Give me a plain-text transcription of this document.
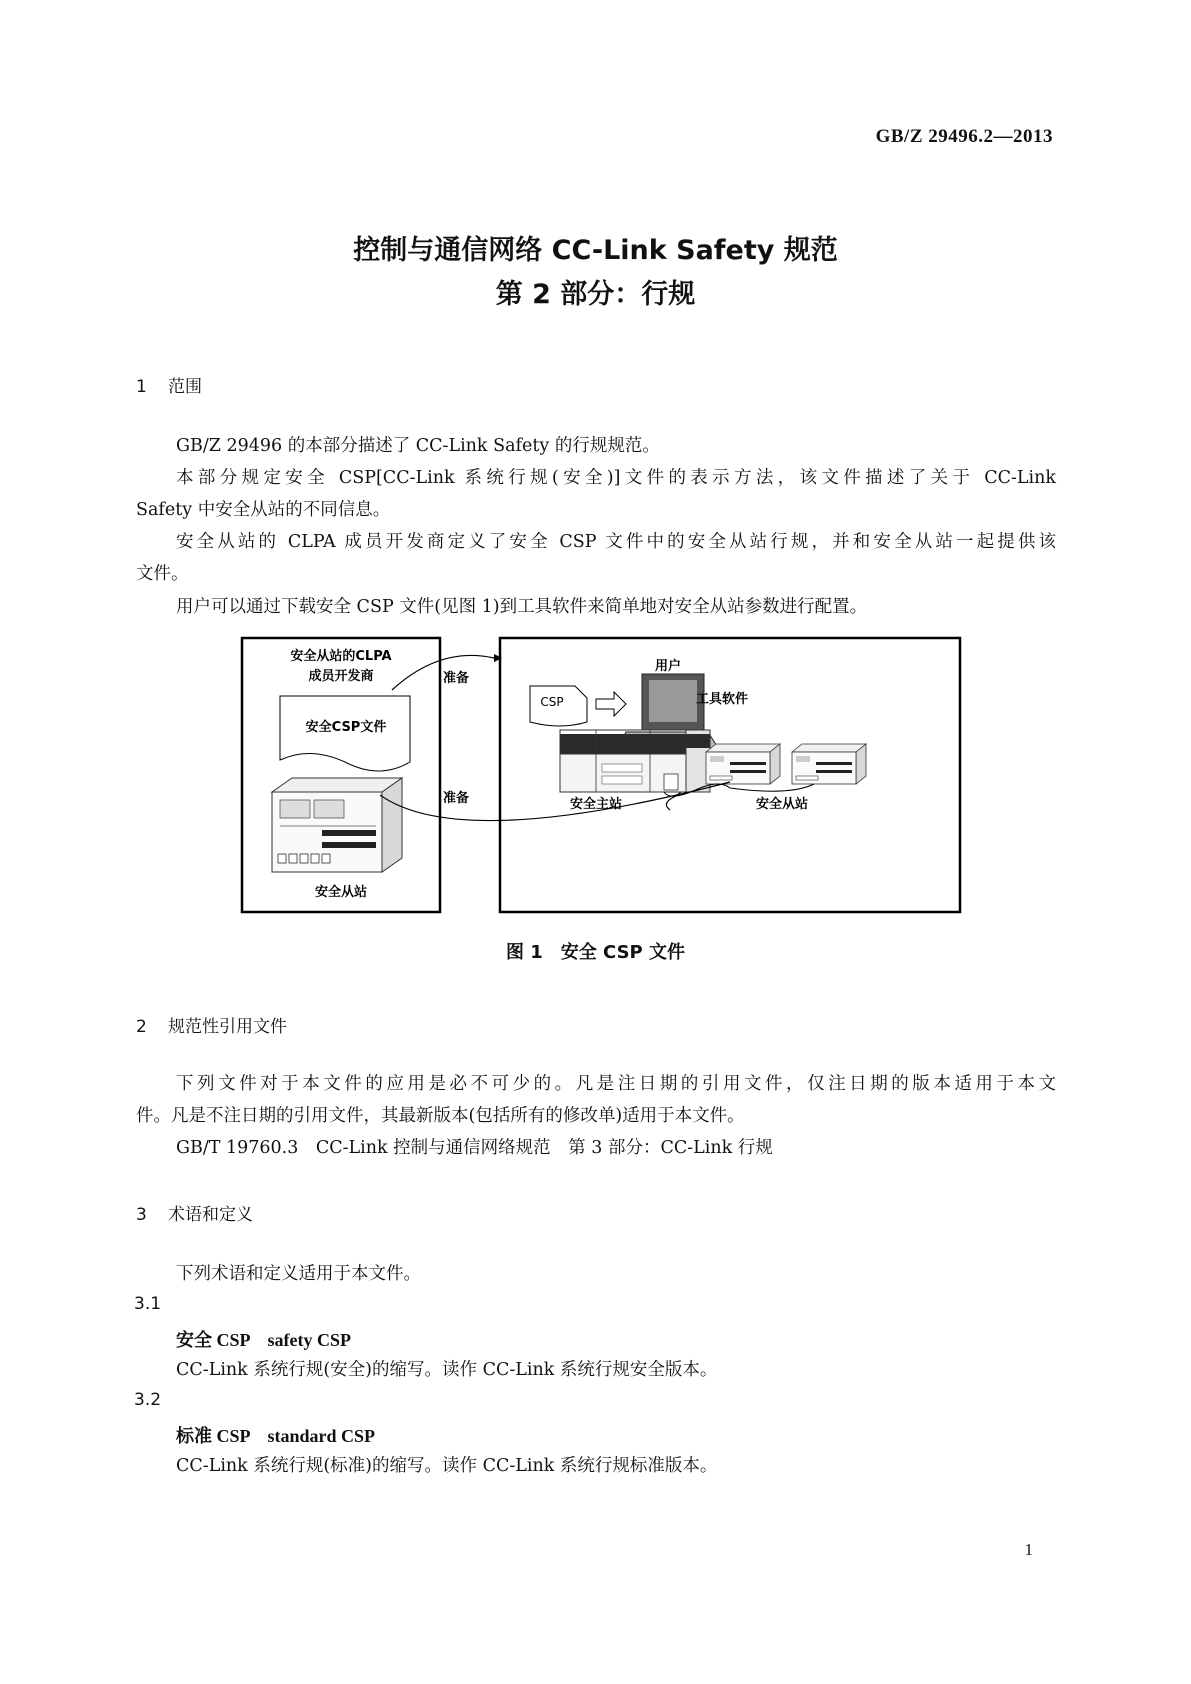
GB/Z 29496.2—2013
控制与通信网络 CC-Link Safety 规范
第 2 部分：行规
1 范围
GB/Z 29496 的本部分描述了 CC-Link Safety 的行规规范。
本部分规定安全 CSP[CC-Link 系统行规(安全)]文件的表示方法，该文件描述了关于 CC-Link
Safety 中安全从站的不同信息。
安全从站的 CLPA 成员开发商定义了安全 CSP 文件中的安全从站行规，并和安全从站一起提供该
文件。
用户可以通过下载安全 CSP 文件(见图 1)到工具软件来简单地对安全从站参数进行配置。
安全从站的CLPA
成员开发商
安全CSP文件
安全从站
用户
CSP	工具软件
安全主站	安全从站
准备
准备
图 1　安全 CSP 文件
2 规范性引用文件
下列文件对于本文件的应用是必不可少的。凡是注日期的引用文件，仅注日期的版本适用于本文
件。凡是不注日期的引用文件，其最新版本(包括所有的修改单)适用于本文件。
GB/T 19760.3　CC-Link 控制与通信网络规范　第 3 部分：CC-Link 行规
3 术语和定义
下列术语和定义适用于本文件。
3.1
安全 CSP　safety CSP
CC-Link 系统行规(安全)的缩写。读作 CC-Link 系统行规安全版本。
3.2
标准 CSP　standard CSP
CC-Link 系统行规(标准)的缩写。读作 CC-Link 系统行规标准版本。
1
